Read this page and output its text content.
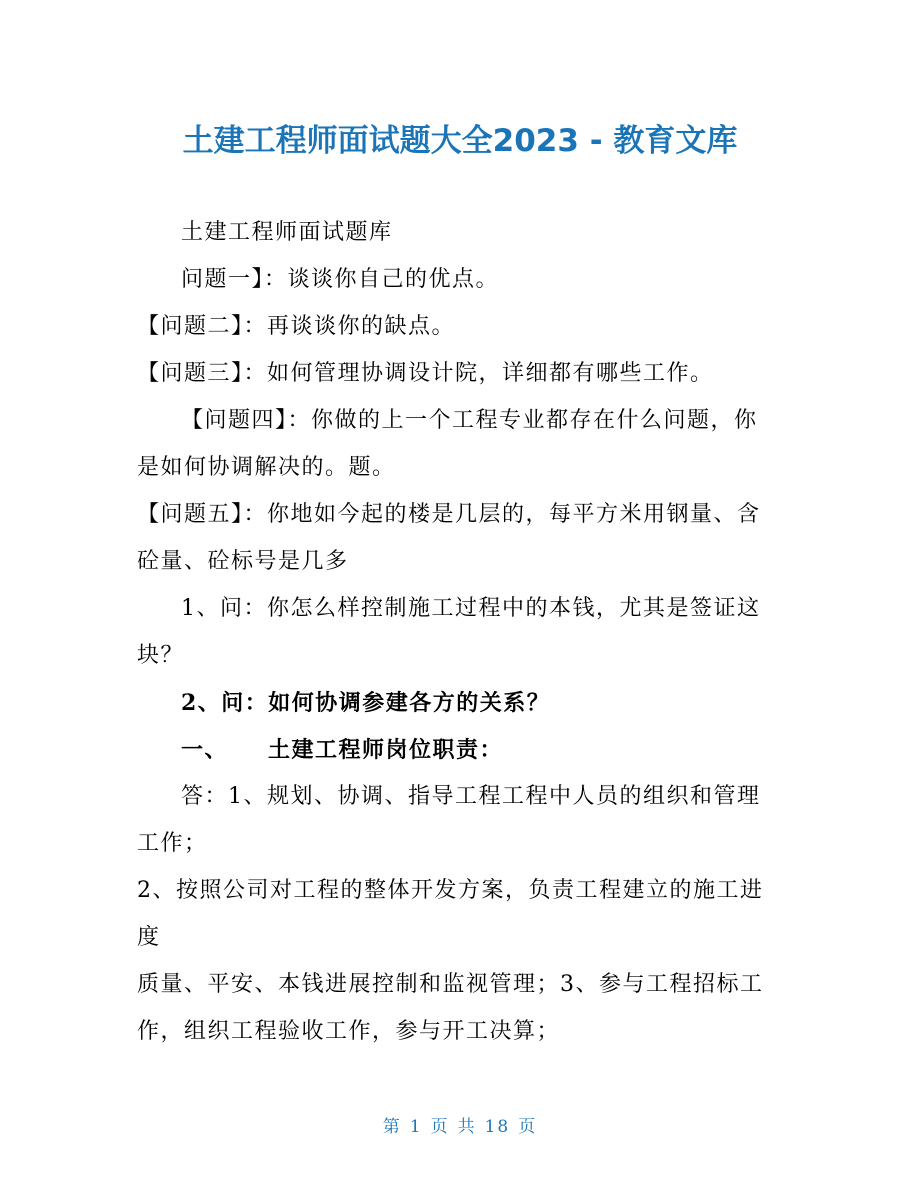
土建工程师面试题大全2023 - 教育文库
土建工程师面试题库
问题一】：谈谈你自己的优点。
【问题二】：再谈谈你的缺点。
【问题三】：如何管理协调设计院，详细都有哪些工作。
【问题四】：你做的上一个工程专业都存在什么问题，你
是如何协调解决的。题。
【问题五】：你地如今起的楼是几层的，每平方米用钢量、含
砼量、砼标号是几多
1、问：你怎么样控制施工过程中的本钱，尤其是签证这
块？
2、问：如何协调参建各方的关系？
一、 土建工程师岗位职责：
答：1、规划、协调、指导工程工程中人员的组织和管理
工作；
2、按照公司对工程的整体开发方案，负责工程建立的施工进
度
质量、平安、本钱进展控制和监视管理；3、参与工程招标工
作，组织工程验收工作，参与开工决算；
第 1 页 共 18 页
